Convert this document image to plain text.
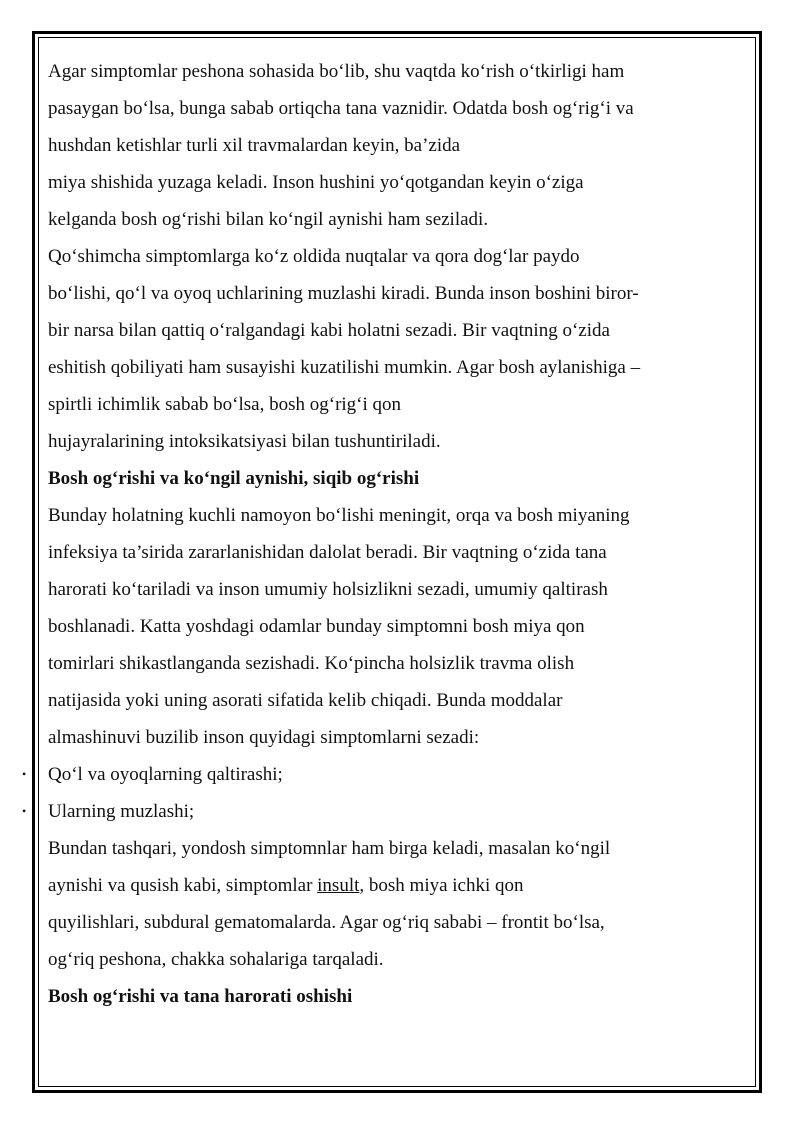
Agar simptomlar peshona sohasida bo‘lib, shu vaqtda ko‘rish o‘tkirligi ham
pasaygan bo‘lsa, bunga sabab ortiqcha tana vaznidir. Odatda bosh og‘rig‘i va
hushdan ketishlar turli xil travmalardan keyin, ba’zida
miya shishida yuzaga keladi. Inson hushini yo‘qotgandan keyin o‘ziga
kelganda bosh og‘rishi bilan ko‘ngil aynishi ham seziladi.
Qo‘shimcha simptomlarga ko‘z oldida nuqtalar va qora dog‘lar paydo
bo‘lishi, qo‘l va oyoq uchlarining muzlashi kiradi. Bunda inson boshini biror-
bir narsa bilan qattiq o‘ralgandagi kabi holatni sezadi. Bir vaqtning o‘zida
eshitish qobiliyati ham susayishi kuzatilishi mumkin. Agar bosh aylanishiga –
spirtli ichimlik sabab bo‘lsa, bosh og‘rig‘i qon
hujayralarining intoksikatsiyasi bilan tushuntiriladi.
Bosh og‘rishi va ko‘ngil aynishi, siqib og‘rishi
Bunday holatning kuchli namoyon bo‘lishi meningit, orqa va bosh miyaning
infeksiya ta’sirida zararlanishidan dalolat beradi. Bir vaqtning o‘zida tana
harorati ko‘tariladi va inson umumiy holsizlikni sezadi, umumiy qaltirash
boshlanadi. Katta yoshdagi odamlar bunday simptomni bosh miya qon
tomirlari shikastlanganda sezishadi. Ko‘pincha holsizlik travma olish
natijasida yoki uning asorati sifatida kelib chiqadi. Bunda moddalar
almashinuvi buzilib inson quyidagi simptomlarni sezadi:
• Qo‘l va oyoqlarning qaltirashi;
• Ularning muzlashi;
Bundan tashqari, yondosh simptomnlar ham birga keladi, masalan ko‘ngil
aynishi va qusish kabi, simptomlar insult, bosh miya ichki qon
quyilishlari, subdural gematomalarda. Agar og‘riq sababi – frontit bo‘lsa,
og‘riq peshona, chakka sohalariga tarqaladi.
Bosh og‘rishi va tana harorati oshishi
